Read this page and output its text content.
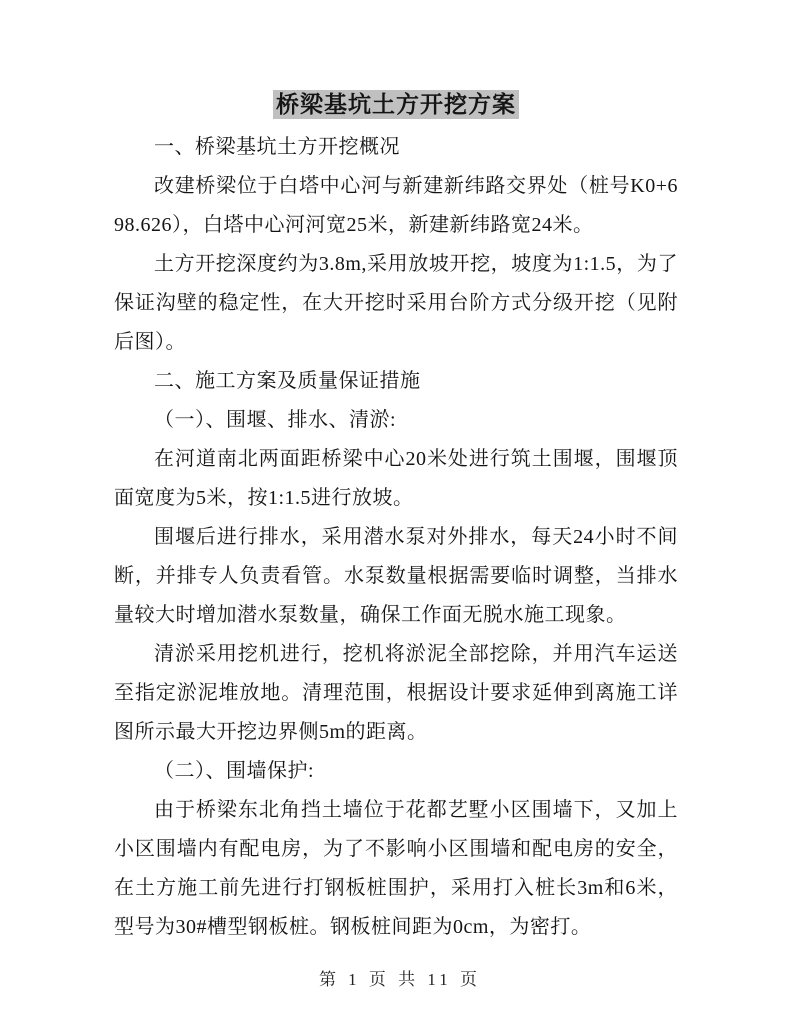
桥梁基坑土方开挖方案

一、桥梁基坑土方开挖概况

改建桥梁位于白塔中心河与新建新纬路交界处（桩号K0+698.626），白塔中心河河宽25米，新建新纬路宽24米。

土方开挖深度约为3.8m,采用放坡开挖，坡度为1:1.5，为了保证沟壁的稳定性，在大开挖时采用台阶方式分级开挖（见附后图）。

二、施工方案及质量保证措施

（一）、围堰、排水、清淤:

在河道南北两面距桥梁中心20米处进行筑土围堰，围堰顶面宽度为5米，按1:1.5进行放坡。

围堰后进行排水，采用潜水泵对外排水，每天24小时不间断，并排专人负责看管。水泵数量根据需要临时调整，当排水量较大时增加潜水泵数量，确保工作面无脱水施工现象。

清淤采用挖机进行，挖机将淤泥全部挖除，并用汽车运送至指定淤泥堆放地。清理范围，根据设计要求延伸到离施工详图所示最大开挖边界侧5m的距离。

（二）、围墙保护:

由于桥梁东北角挡土墙位于花都艺墅小区围墙下，又加上小区围墙内有配电房，为了不影响小区围墙和配电房的安全，在土方施工前先进行打钢板桩围护，采用打入桩长3m和6米，型号为30#槽型钢板桩。钢板桩间距为0cm，为密打。

第 1 页 共 11 页
